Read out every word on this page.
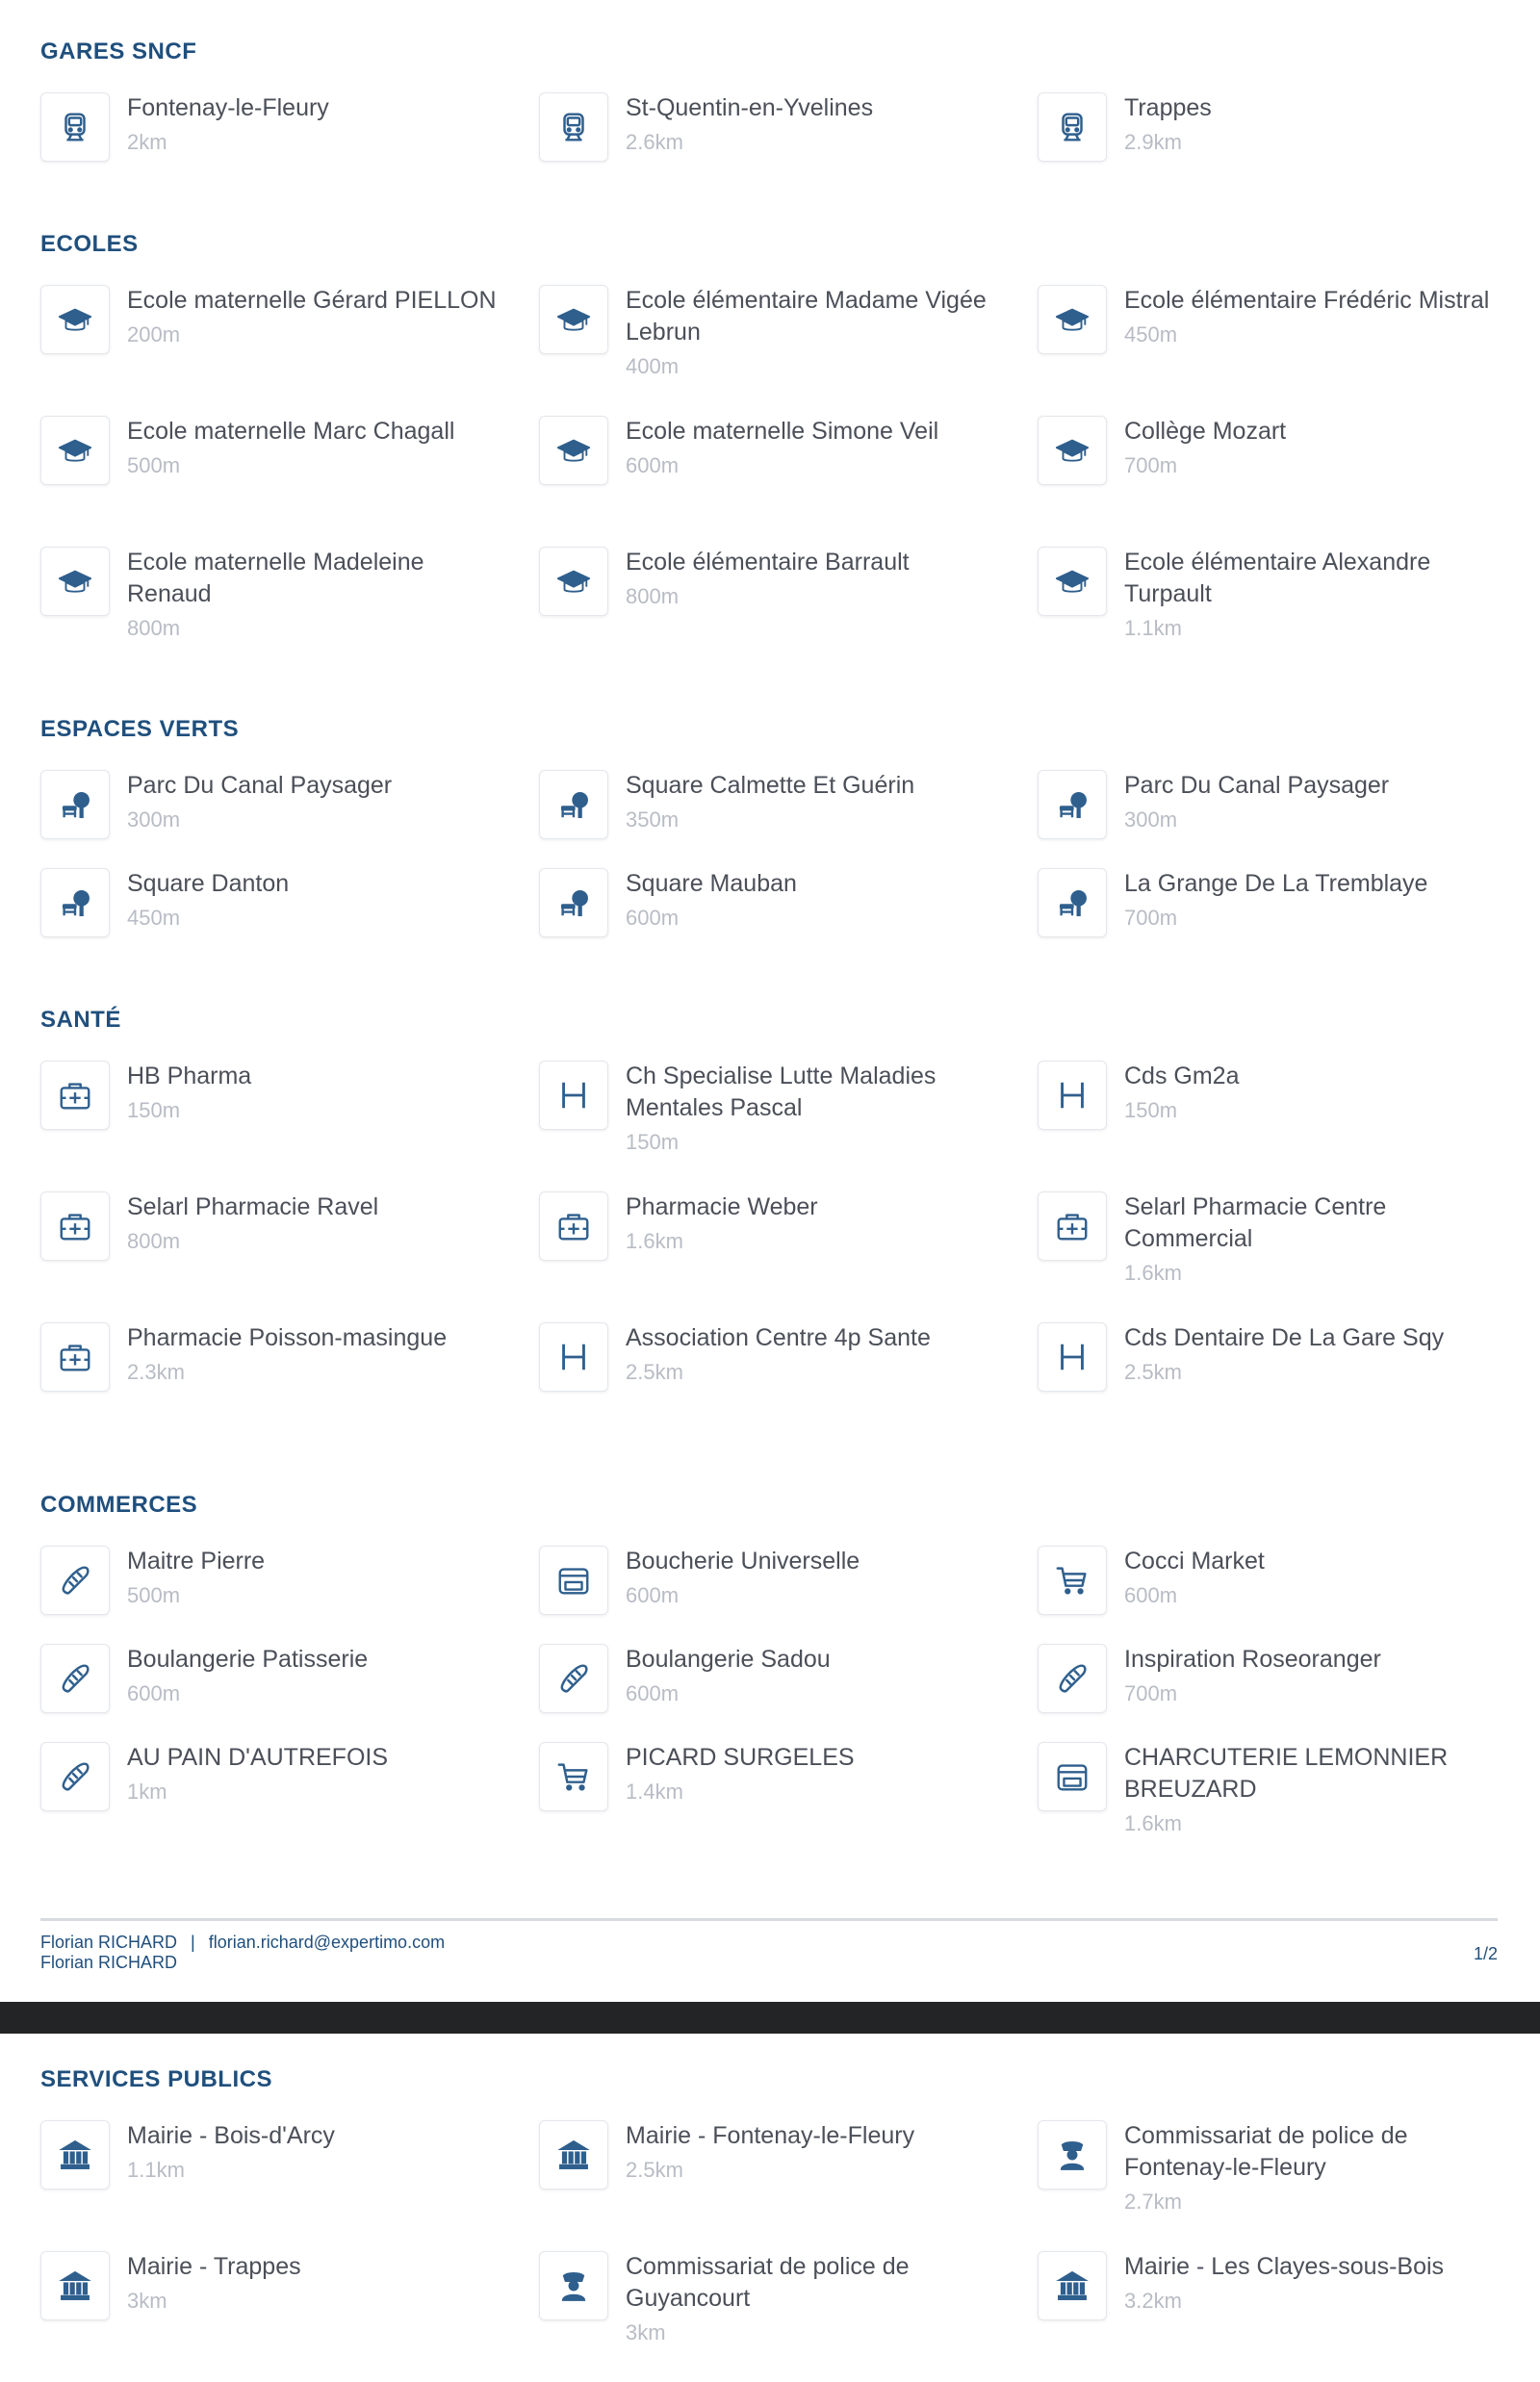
GARES SNCF
Fontenay-le-Fleury
2km
St-Quentin-en-Yvelines
2.6km
Trappes
2.9km
ECOLES
Ecole maternelle Gérard PIELLON
200m
Ecole élémentaire Madame Vigée Lebrun
400m
Ecole élémentaire Frédéric Mistral
450m
Ecole maternelle Marc Chagall
500m
Ecole maternelle Simone Veil
600m
Collège Mozart
700m
Ecole maternelle Madeleine Renaud
800m
Ecole élémentaire Barrault
800m
Ecole élémentaire Alexandre Turpault
1.1km
ESPACES VERTS
Parc Du Canal Paysager
300m
Square Calmette Et Guérin
350m
Parc Du Canal Paysager
300m
Square Danton
450m
Square Mauban
600m
La Grange De La Tremblaye
700m
SANTÉ
HB Pharma
150m
Ch Specialise Lutte Maladies Mentales Pascal
150m
Cds Gm2a
150m
Selarl Pharmacie Ravel
800m
Pharmacie Weber
1.6km
Selarl Pharmacie Centre Commercial
1.6km
Pharmacie Poisson-masingue
2.3km
Association Centre 4p Sante
2.5km
Cds Dentaire De La Gare Sqy
2.5km
COMMERCES
Maitre Pierre
500m
Boucherie Universelle
600m
Cocci Market
600m
Boulangerie Patisserie
600m
Boulangerie Sadou
600m
Inspiration Roseoranger
700m
AU PAIN D'AUTREFOIS
1km
PICARD SURGELES
1.4km
CHARCUTERIE LEMONNIER BREUZARD
1.6km
Florian RICHARD | florian.richard@expertimo.com
Florian RICHARD	1/2
SERVICES PUBLICS
Mairie - Bois-d'Arcy
1.1km
Mairie - Fontenay-le-Fleury
2.5km
Commissariat de police de Fontenay-le-Fleury
2.7km
Mairie - Trappes
3km
Commissariat de police de Guyancourt
3km
Mairie - Les Clayes-sous-Bois
3.2km
